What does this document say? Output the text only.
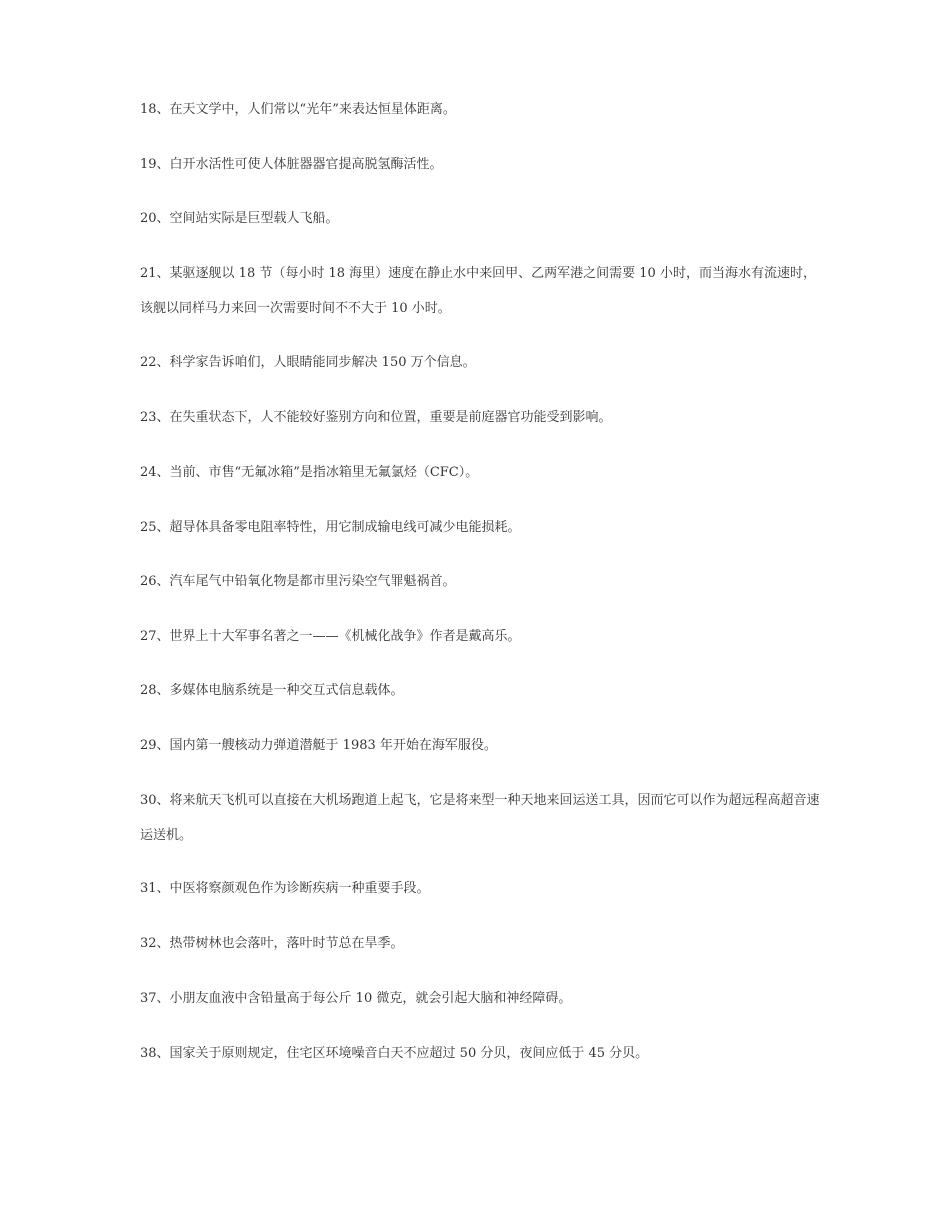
18、在天文学中，人们常以“光年”来表达恒星体距离。

19、白开水活性可使人体脏器器官提高脱氢酶活性。

20、空间站实际是巨型载人飞船。

21、某驱逐舰以 18 节（每小时 18 海里）速度在静止水中来回甲、乙两军港之间需要 10 小时，而当海水有流速时，该舰以同样马力来回一次需要时间不不大于 10 小时。

22、科学家告诉咱们，人眼睛能同步解决 150 万个信息。

23、在失重状态下，人不能较好鉴别方向和位置，重要是前庭器官功能受到影响。

24、当前、市售“无氟冰箱”是指冰箱里无氟氯烃（CFC）。

25、超导体具备零电阻率特性，用它制成输电线可减少电能损耗。

26、汽车尾气中铅氧化物是都市里污染空气罪魁祸首。

27、世界上十大军事名著之一——《机械化战争》作者是戴高乐。

28、多媒体电脑系统是一种交互式信息载体。

29、国内第一艘核动力弹道潜艇于 1983 年开始在海军服役。

30、将来航天飞机可以直接在大机场跑道上起飞，它是将来型一种天地来回运送工具，因而它可以作为超远程高超音速运送机。

31、中医将察颜观色作为诊断疾病一种重要手段。

32、热带树林也会落叶，落叶时节总在旱季。

37、小朋友血液中含铅量高于每公斤 10 微克，就会引起大脑和神经障碍。

38、国家关于原则规定，住宅区环境噪音白天不应超过 50 分贝，夜间应低于 45 分贝。
